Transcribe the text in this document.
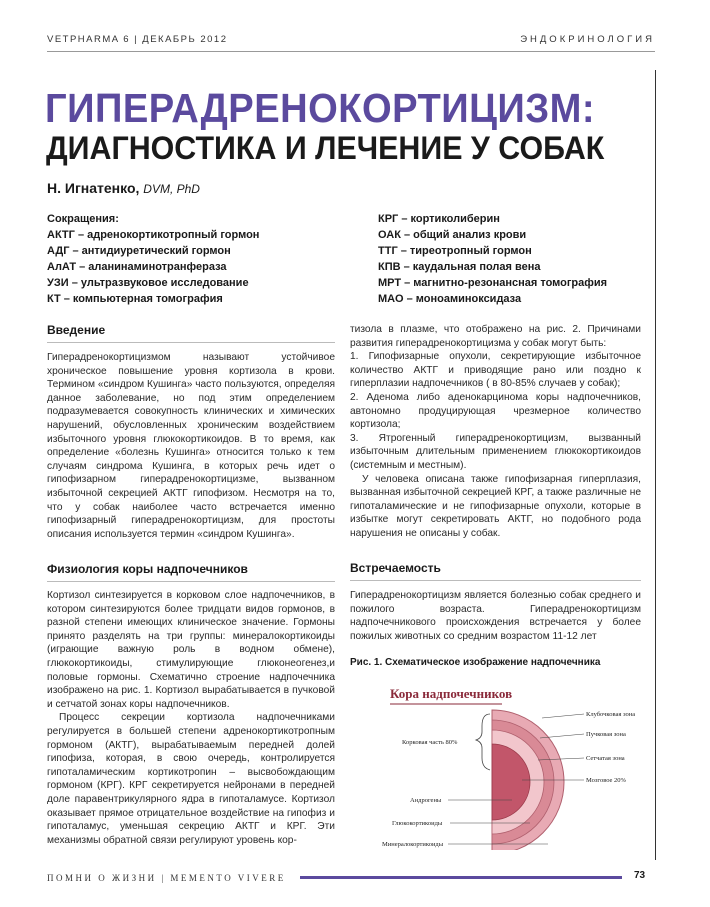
VETPHARMA 6 | ДЕКАБРЬ 2012	ЭНДОКРИНОЛОГИЯ
ГИПЕРАДРЕНОКОРТИЦИЗМ:
ДИАГНОСТИКА И ЛЕЧЕНИЕ У СОБАК
Н. Игнатенко, DVM, PhD
Сокращения:
АКТГ – адренокортикотропный гормон
АДГ – антидиуретический гормон
АлАТ – аланинаминотранфераза
УЗИ – ультразвуковое исследование
КТ – компьютерная томография
КРГ – кортиколиберин
ОАК – общий анализ крови
ТТГ – тиреотропный гормон
КПВ – каудальная полая вена
МРТ – магнитно-резонансная томография
МАО – моноаминоксидаза
Введение

Гиперадренокортицизмом называют устойчивое хроническое повышение уровня кортизола в крови. Термином «синдром Кушинга» часто пользуются, определяя данное заболевание, но под этим определением подразумевается совокупность клинических и химических нарушений, обусловленных хроническим воздействием избыточного уровня глюкокортикоидов. В то время, как определение «болезнь Кушинга» относится только к тем случаям синдрома Кушинга, в которых речь идет о гипофизарном гиперадренокортицизме, вызванном избыточной секрецией АКТГ гипофизом. Несмотря на то, что у собак наиболее часто встречается именно гипофизарный гиперадренокортицизм, для простоты описания используется термин «синдром Кушинга».

Физиология коры надпочечников

Кортизол синтезируется в корковом слое надпочечников, в котором синтезируются более тридцати видов гормонов, в разной степени имеющих клиническое значение. Гормоны принято разделять на три группы: минералокортикоиды (играющие важную роль в водном обмене), глюкокортикоиды, стимулирующие глюконеогенез,и половые гормоны. Схематично строение надпочечника изображено на рис. 1. Кортизол вырабатывается в пучковой и сетчатой зонах коры надпочечников.

Процесс секреции кортизола надпочечниками регулируется в большей степени адренокортикотропным гормоном (АКТГ), вырабатываемым передней долей гипофиза, которая, в свою очередь, контролируется гипоталамическим кортикотропин – высвобождающим гормоном (КРГ). КРГ секретируется нейронами в передней доле паравентрикулярного ядра в гипоталамусе. Кортизол оказывает прямое отрицательное воздействие на гипофиз и гипоталамус, уменьшая секрецию АКТГ и КРГ. Эти механизмы обратной связи регулируют уровень кор-

тизола в плазме, что отображено на рис. 2. Причинами развития гиперадренокортицизма у собак могут быть:

1. Гипофизарные опухоли, секретирующие избыточное количество АКТГ и приводящие рано или поздно к гиперплазии надпочечников ( в 80-85% случаев у собак);

2. Аденома либо аденокарцинома коры надпочечников, автономно продуцирующая чрезмерное количество кортизола;

3. Ятрогенный гиперадренокортицизм, вызванный избыточным длительным применением глюкокортикоидов (системным и местным).

У человека описана также гипофизарная гиперплазия, вызванная избыточной секрецией КРГ, а также различные не гипоталамические и не гипофизарные опухоли, которые в избытке могут секретировать АКТГ, но подобного рода нарушения не описаны у собак.

Встречаемость

Гиперадренокортицизм является болезнью собак среднего и пожилого возраста. Гиперадренокортицизм надпочечникового происхождения встречается у более пожилых животных со средним возрастом 11-12 лет

Рис. 1. Схематическое изображение надпочечника
Кора надпочечников
Корковая часть 80%
Андрогены
Глюкокортикоиды
Минералокортикоиды
Клубочковая зона
Пучковая зона
Сетчатая зона
Мозговое 20%
ПОМНИ О ЖИЗНИ | MEMENTO VIVERE	73
